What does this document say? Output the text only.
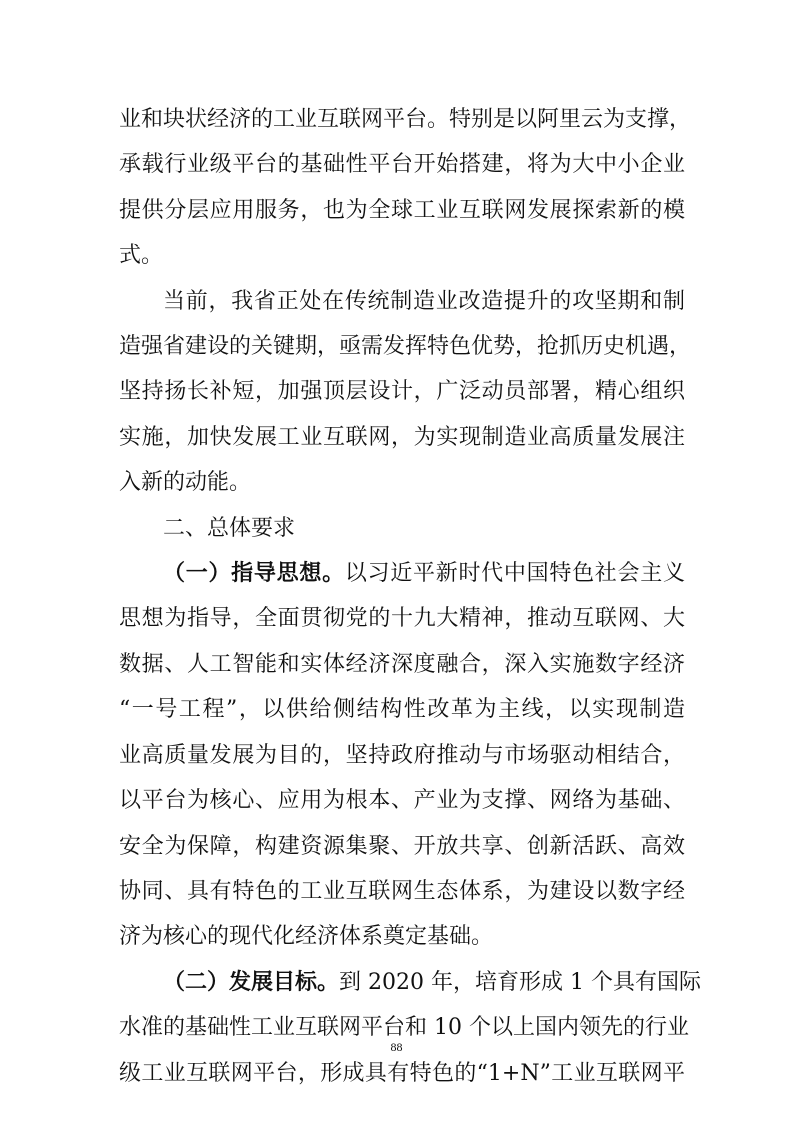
业和块状经济的工业互联网平台。特别是以阿里云为支撑，
承载行业级平台的基础性平台开始搭建，将为大中小企业
提供分层应用服务，也为全球工业互联网发展探索新的模
式。

当前，我省正处在传统制造业改造提升的攻坚期和制
造强省建设的关键期，亟需发挥特色优势，抢抓历史机遇，
坚持扬长补短，加强顶层设计，广泛动员部署，精心组织
实施，加快发展工业互联网，为实现制造业高质量发展注
入新的动能。

二、总体要求

（一）指导思想。以习近平新时代中国特色社会主义
思想为指导，全面贯彻党的十九大精神，推动互联网、大
数据、人工智能和实体经济深度融合，深入实施数字经济
“一号工程”，以供给侧结构性改革为主线，以实现制造
业高质量发展为目的，坚持政府推动与市场驱动相结合，
以平台为核心、应用为根本、产业为支撑、网络为基础、
安全为保障，构建资源集聚、开放共享、创新活跃、高效
协同、具有特色的工业互联网生态体系，为建设以数字经
济为核心的现代化经济体系奠定基础。

（二）发展目标。到 2020 年，培育形成 1 个具有国际
水准的基础性工业互联网平台和 10 个以上国内领先的行业
级工业互联网平台，形成具有特色的“1+N”工业互联网平

88
